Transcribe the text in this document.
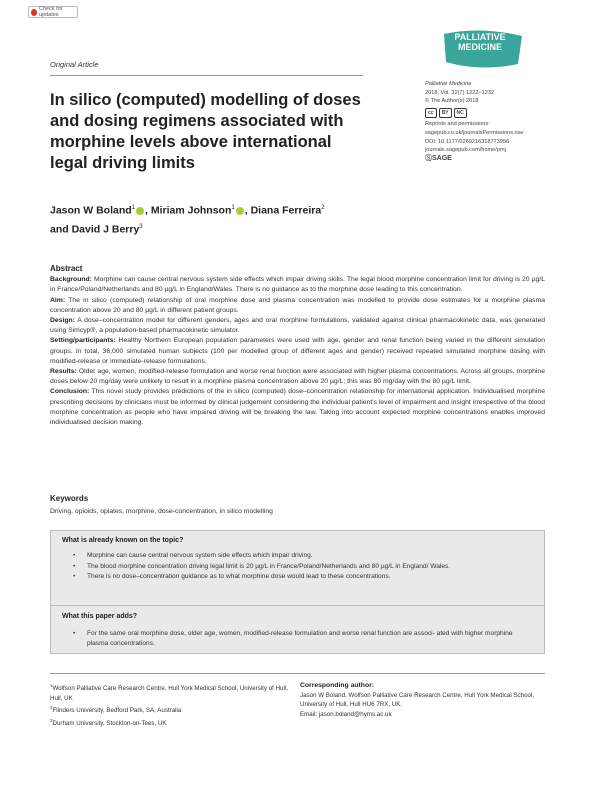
Check for updates
PALLIATIVE
MEDICINE
Original Article
In silico (computed) modelling of doses and dosing regimens associated with morphine levels above international legal driving limits
Palliative Medicine
2018, Vol. 32(7) 1222–1232
© The Author(s) 2018
cc	BY	NC
Reprints and permissions:
sagepub.co.uk/journalsPermissions.nav
DOI: 10.1177/0269216318773956
journals.sagepub.com/home/pmj
ⓈSAGE
Jason W Boland$^1$ , Miriam Johnson$^1$ , Diana Ferreira$^2$
and David J Berry$^3$
Abstract

Background: Morphine can cause central nervous system side effects which impair driving skills. The legal blood morphine concentration limit for driving is 20 µg/L in France/Poland/Netherlands and 80 µg/L in England/Wales. There is no guidance as to the morphine dose leading to this concentration.

Aim: The in silico (computed) relationship of oral morphine dose and plasma concentration was modelled to provide dose estimates for a morphine plasma concentration above 20 and 80 µg/L in different patient groups.

Design: A dose–concentration model for different genders, ages and oral morphine formulations, validated against clinical pharmacokinetic data, was generated using Simcyp®, a population-based pharmacokinetic simulator.

Setting/participants: Healthy Northern European population parameters were used with age, gender and renal function being varied in the different simulation groups. In total, 36,000 simulated human subjects (100 per modelled group of different ages and gender) received repeated simulated morphine dosing with modified-release or immediate-release formulations.

Results: Older age, women, modified-release formulation and worse renal function were associated with higher plasma concentrations. Across all groups, morphine doses below 20 mg/day were unlikely to result in a morphine plasma concentration above 20 µg/L; this was 80 mg/day with the 80 µg/L limit.

Conclusion: This novel study provides predictions of the in silico (computed) dose–concentration relationship for international application. Individualised morphine prescribing decisions by clinicians must be informed by clinical judgement considering the individual patient's level of impairment and insight irrespective of the blood morphine concentration as people who have impaired driving will be breaking the law. Taking into account expected morphine concentrations enables improved individualised decision making.

Keywords
Driving, opioids, opiates, morphine, dose-concentration, in silico modelling
What is already known on the topic?
• Morphine can cause central nervous system side effects which impair driving.
• The blood morphine concentration driving legal limit is 20 µg/L in France/Poland/Netherlands and 80 µg/L in England/ Wales.
• There is no dose–concentration guidance as to what morphine dose would lead to these concentrations.
What this paper adds?
• For the same oral morphine dose, older age, women, modified-release formulation and worse renal function are associ- ated with higher morphine plasma concentrations.
$^1$Wolfson Palliative Care Research Centre, Hull York Medical School, University of Hull, Hull, UK
$^2$Flinders University, Bedford Park, SA, Australia
$^3$Durham University, Stockton-on-Tees, UK
Corresponding author:
Jason W Boland, Wolfson Palliative Care Research Centre, Hull York Medical School, University of Hull, Hull HU6 7RX, UK.
Email: jason.boland@hyms.ac.uk
